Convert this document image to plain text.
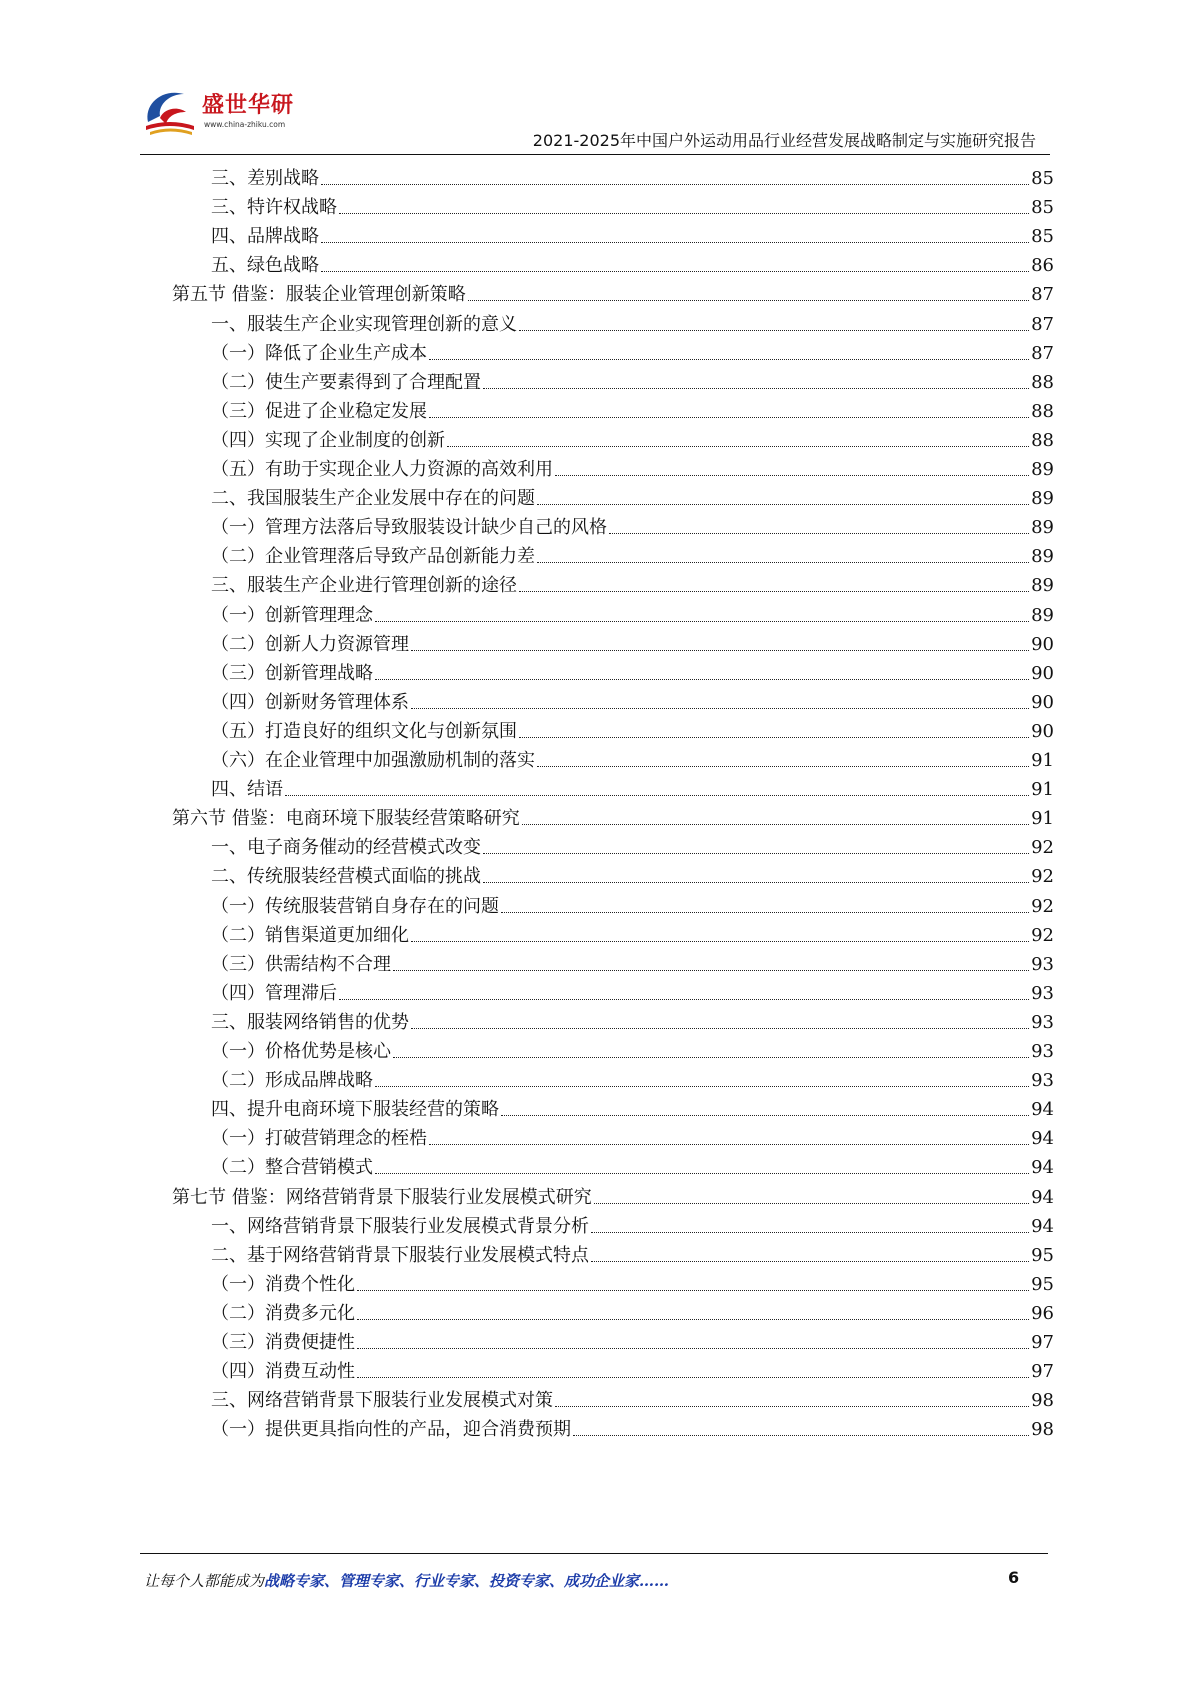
盛世华研
www.china-zhiku.com
2021-2025年中国户外运动用品行业经营发展战略制定与实施研究报告
三、差别战略	85
三、特许权战略	85
四、品牌战略	85
五、绿色战略	86
第五节 借鉴：服装企业管理创新策略	87
一、服装生产企业实现管理创新的意义	87
（一）降低了企业生产成本	87
（二）使生产要素得到了合理配置	88
（三）促进了企业稳定发展	88
（四）实现了企业制度的创新	88
（五）有助于实现企业人力资源的高效利用	89
二、我国服装生产企业发展中存在的问题	89
（一）管理方法落后导致服装设计缺少自己的风格	89
（二）企业管理落后导致产品创新能力差	89
三、服装生产企业进行管理创新的途径	89
（一）创新管理理念	89
（二）创新人力资源管理	90
（三）创新管理战略	90
（四）创新财务管理体系	90
（五）打造良好的组织文化与创新氛围	90
（六）在企业管理中加强激励机制的落实	91
四、结语	91
第六节 借鉴：电商环境下服装经营策略研究	91
一、电子商务催动的经营模式改变	92
二、传统服装经营模式面临的挑战	92
（一）传统服装营销自身存在的问题	92
（二）销售渠道更加细化	92
（三）供需结构不合理	93
（四）管理滞后	93
三、服装网络销售的优势	93
（一）价格优势是核心	93
（二）形成品牌战略	93
四、提升电商环境下服装经营的策略	94
（一）打破营销理念的桎梏	94
（二）整合营销模式	94
第七节 借鉴：网络营销背景下服装行业发展模式研究	94
一、网络营销背景下服装行业发展模式背景分析	94
二、基于网络营销背景下服装行业发展模式特点	95
（一）消费个性化	95
（二）消费多元化	96
（三）消费便捷性	97
（四）消费互动性	97
三、网络营销背景下服装行业发展模式对策	98
（一）提供更具指向性的产品，迎合消费预期	98
让每个人都能成为战略专家、管理专家、行业专家、投资专家、成功企业家……	6
